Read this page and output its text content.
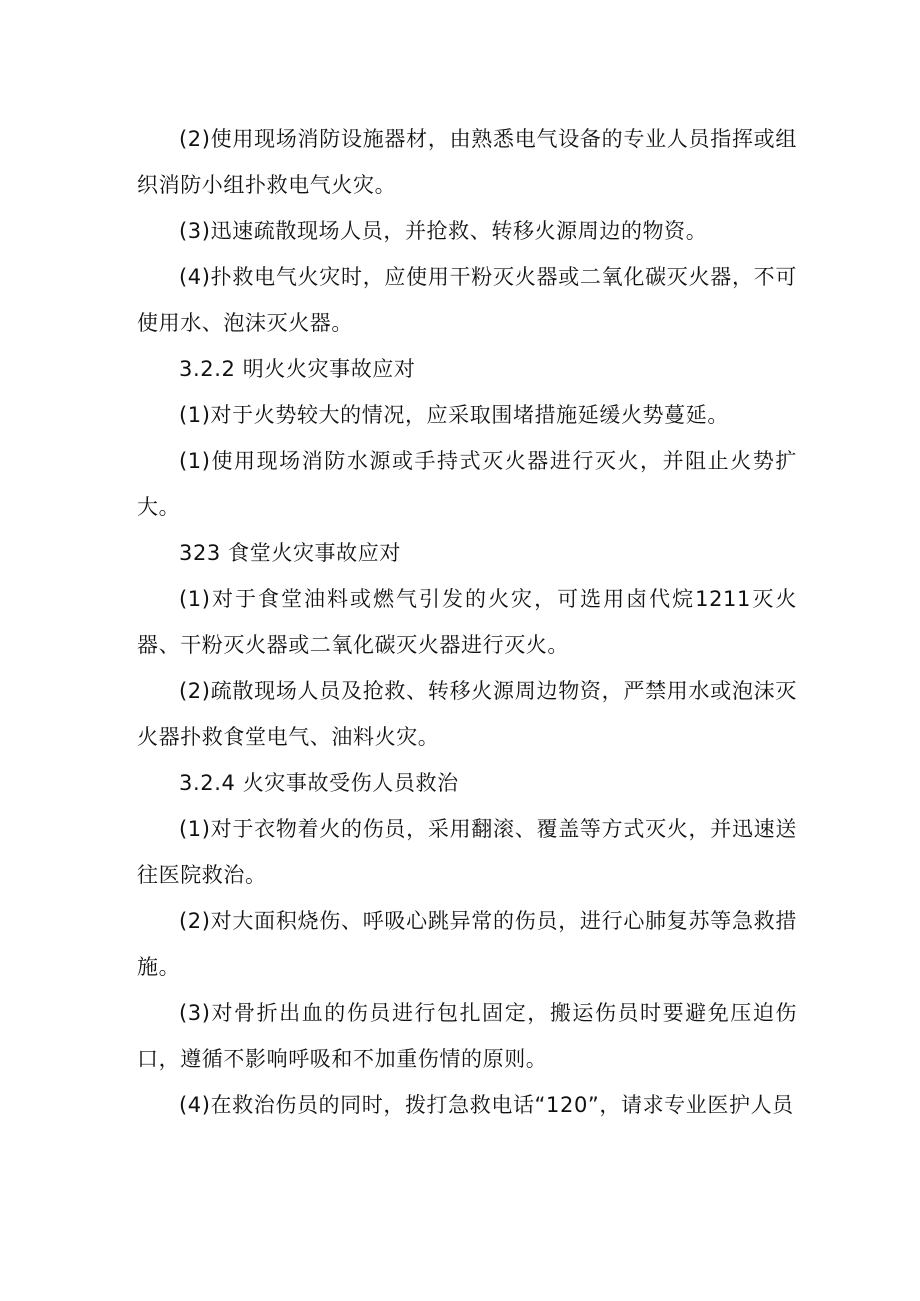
(2)使用现场消防设施器材，由熟悉电气设备的专业人员指挥或组织消防小组扑救电气火灾。

(3)迅速疏散现场人员，并抢救、转移火源周边的物资。

(4)扑救电气火灾时，应使用干粉灭火器或二氧化碳灭火器，不可使用水、泡沫灭火器。

3.2.2 明火火灾事故应对

(1)对于火势较大的情况，应采取围堵措施延缓火势蔓延。

(1)使用现场消防水源或手持式灭火器进行灭火，并阻止火势扩大。

323 食堂火灾事故应对

(1)对于食堂油料或燃气引发的火灾，可选用卤代烷1211灭火器、干粉灭火器或二氧化碳灭火器进行灭火。

(2)疏散现场人员及抢救、转移火源周边物资，严禁用水或泡沫灭火器扑救食堂电气、油料火灾。

3.2.4 火灾事故受伤人员救治

(1)对于衣物着火的伤员，采用翻滚、覆盖等方式灭火，并迅速送往医院救治。

(2)对大面积烧伤、呼吸心跳异常的伤员，进行心肺复苏等急救措施。

(3)对骨折出血的伤员进行包扎固定，搬运伤员时要避免压迫伤口，遵循不影响呼吸和不加重伤情的原则。

(4)在救治伤员的同时，拨打急救电话“120”，请求专业医护人员
